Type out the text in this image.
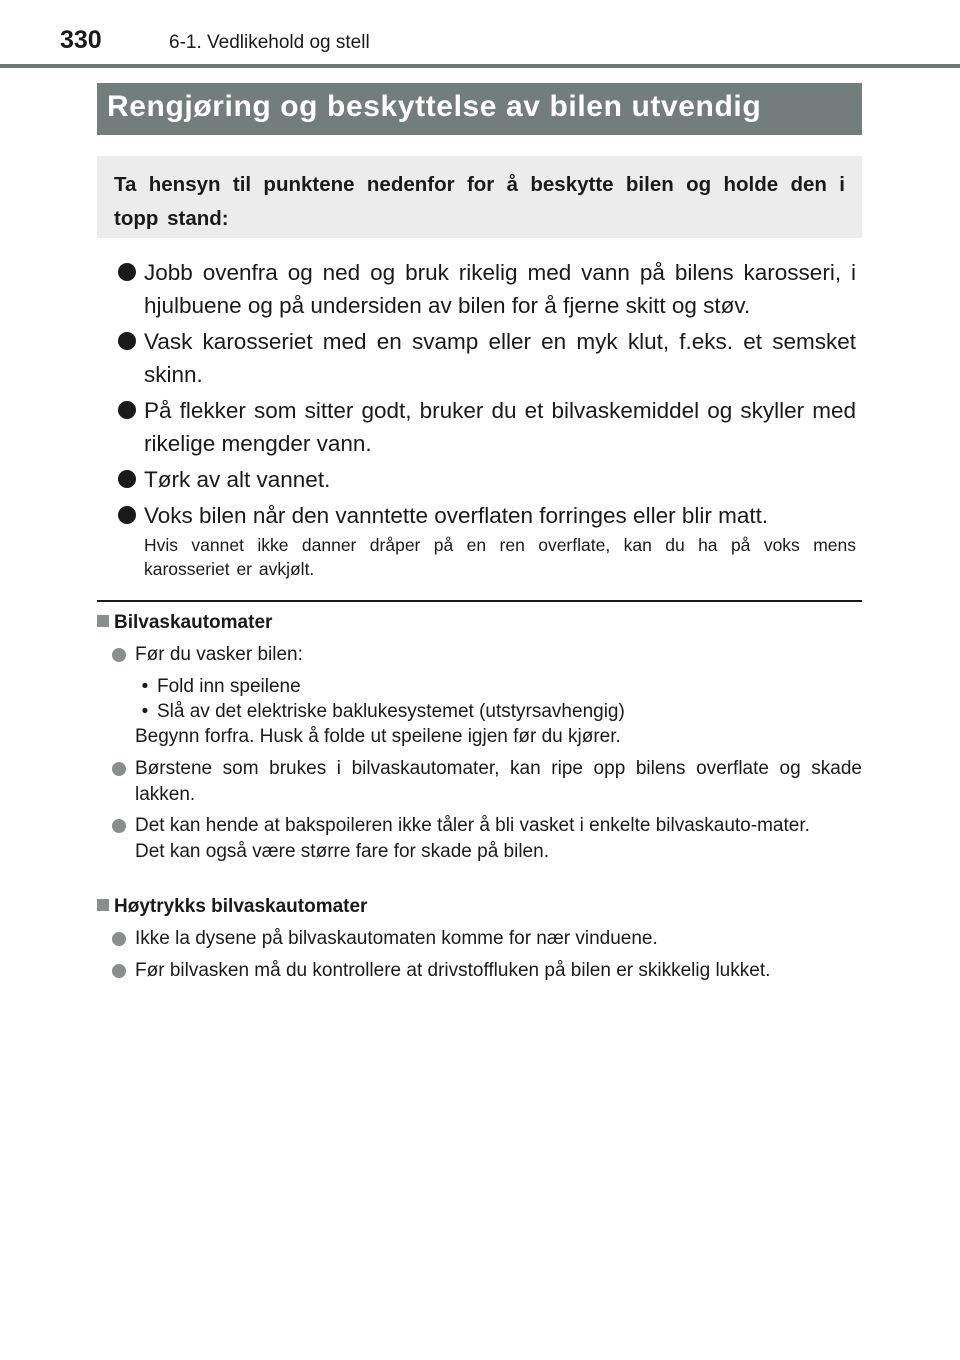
330	6-1. Vedlikehold og stell
Rengjøring og beskyttelse av bilen utvendig
Ta hensyn til punktene nedenfor for å beskytte bilen og holde den i topp stand:
Jobb ovenfra og ned og bruk rikelig med vann på bilens karosseri, i hjulbuene og på undersiden av bilen for å fjerne skitt og støv.
Vask karosseriet med en svamp eller en myk klut, f.eks. et semsket skinn.
På flekker som sitter godt, bruker du et bilvaskemiddel og skyller med rikelige mengder vann.
Tørk av alt vannet.
Voks bilen når den vanntette overflaten forringes eller blir matt.
Hvis vannet ikke danner dråper på en ren overflate, kan du ha på voks mens karosseriet er avkjølt.
Bilvaskautomater
Før du vasker bilen:
• Fold inn speilene
• Slå av det elektriske baklukesystemet (utstyrsavhengig)
Begynn forfra. Husk å folde ut speilene igjen før du kjører.
Børstene som brukes i bilvaskautomater, kan ripe opp bilens overflate og skade lakken.
Det kan hende at bakspoileren ikke tåler å bli vasket i enkelte bilvaskauto-mater.
Det kan også være større fare for skade på bilen.
Høytrykks bilvaskautomater
Ikke la dysene på bilvaskautomaten komme for nær vinduene.
Før bilvasken må du kontrollere at drivstoffluken på bilen er skikkelig lukket.
